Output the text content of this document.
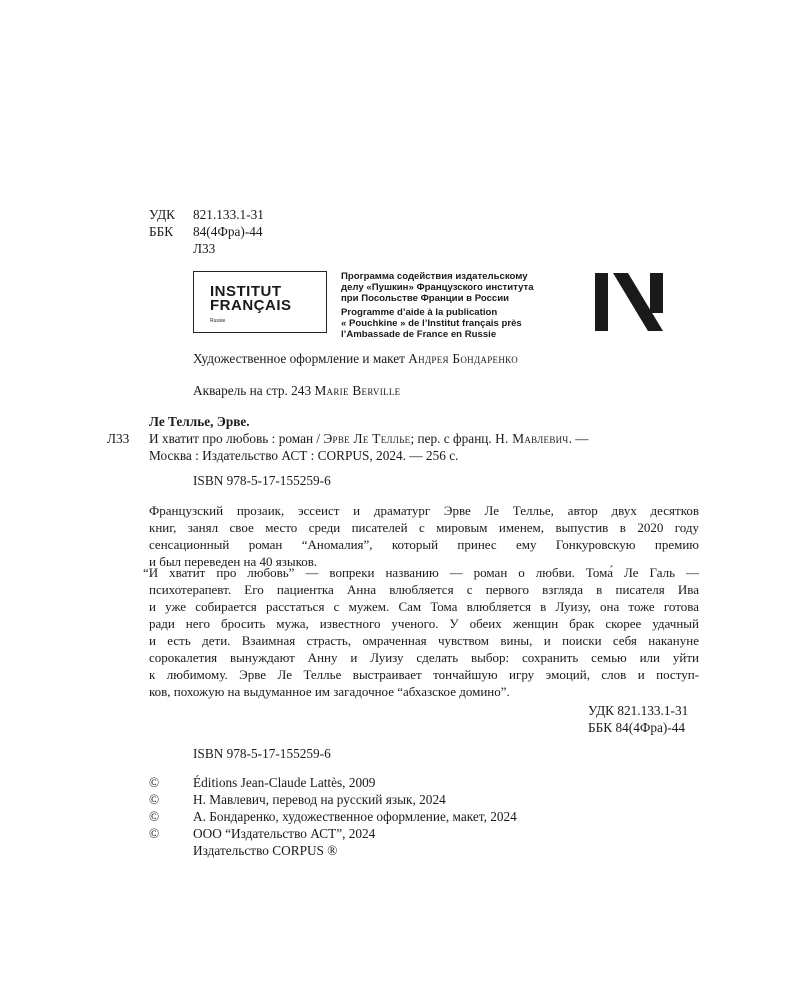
УДК 821.133.1-31
ББК 84(4Фра)-44
Л33
INSTITUT
FRANÇAIS
Russie
Программа содействия издательскому
делу «Пушкин» Французского института
при Посольстве Франции в России
Programme d’aide à la publication
« Pouchkine » de l’Institut français près
l’Ambassade de France en Russie
Художественное оформление и макет Андрея Бондаренко
Акварель на стр. 243 Marie Berville
Ле Теллье, Эрве.
Л33 И хватит про любовь : роман / Эрве Ле Теллье; пер. с франц. Н. Мавлевич. —
Москва : Издательство АСТ : CORPUS, 2024. — 256 с.
ISBN 978-5-17-155259-6
Французский прозаик, эссеист и драматург Эрве Ле Теллье, автор двух десятков
книг, занял свое место среди писателей с мировым именем, выпустив в 2020 году
сенсационный роман “Аномалия”, который принес ему Гонкуровскую премию
и был переведен на 40 языков.
“И хватит про любовь” — вопреки названию — роман о любви. Тома́ Ле Галь —
психотерапевт. Его пациентка Анна влюбляется с первого взгляда в писателя Ива
и уже собирается расстаться с мужем. Сам Тома влюбляется в Луизу, она тоже готова
ради него бросить мужа, известного ученого. У обеих женщин брак скорее удачный
и есть дети. Взаимная страсть, омраченная чувством вины, и поиски себя накануне
сорокалетия вынуждают Анну и Луизу сделать выбор: сохранить семью или уйти
к любимому. Эрве Ле Теллье выстраивает тончайшую игру эмоций, слов и поступ-
ков, похожую на выдуманное им загадочное “абхазское домино”.
УДК 821.133.1-31
ББК 84(4Фра)-44
ISBN 978-5-17-155259-6
©	Éditions Jean-Claude Lattès, 2009
©	Н. Мавлевич, перевод на русский язык, 2024
©	А. Бондаренко, художественное оформление, макет, 2024
©	ООО “Издательство АСТ”, 2024
Издательство CORPUS ®
